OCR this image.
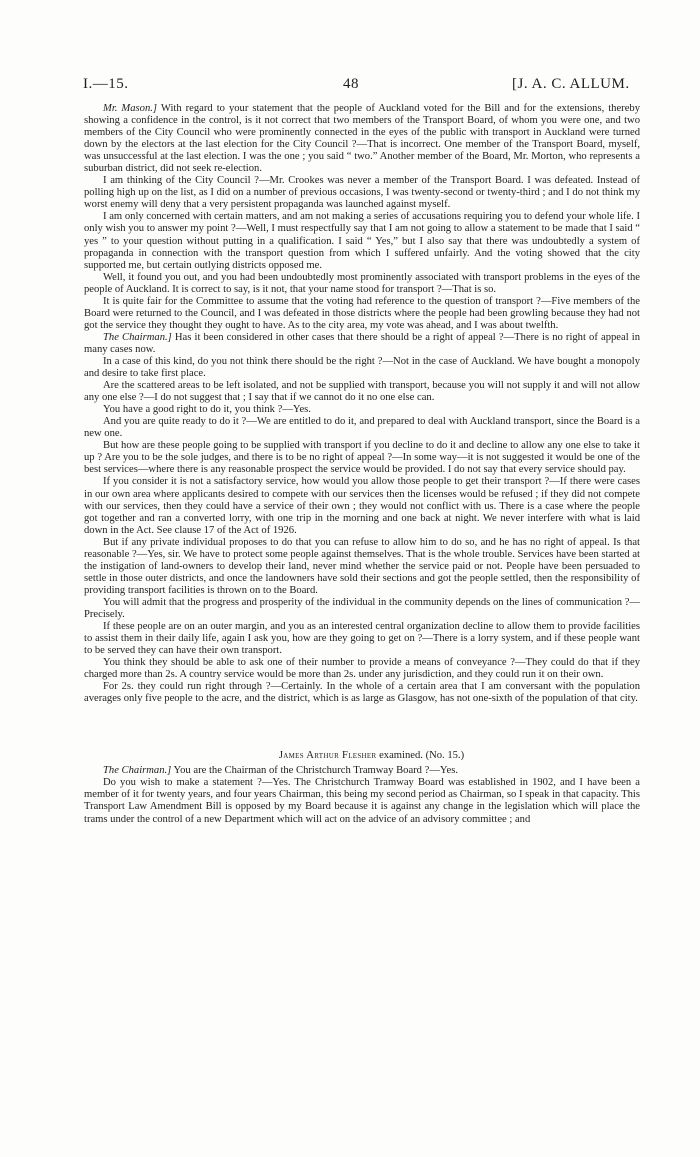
I.—15.	48	[J. A. C. ALLUM.

Mr. Mason.] With regard to your statement that the people of Auckland voted for the Bill and for the extensions, thereby showing a confidence in the control, is it not correct that two members of the Transport Board, of whom you were one, and two members of the City Council who were prominently connected in the eyes of the public with transport in Auckland were turned down by the electors at the last election for the City Council ?—That is incorrect. One member of the Transport Board, myself, was unsuccessful at the last election. I was the one ; you said “ two.” Another member of the Board, Mr. Morton, who represents a suburban district, did not seek re-election.

I am thinking of the City Council ?—Mr. Crookes was never a member of the Transport Board. I was defeated. Instead of polling high up on the list, as I did on a number of previous occasions, I was twenty-second or twenty-third ; and I do not think my worst enemy will deny that a very persistent propaganda was launched against myself.

I am only concerned with certain matters, and am not making a series of accusations requiring you to defend your whole life. I only wish you to answer my point ?—Well, I must respectfully say that I am not going to allow a statement to be made that I said “ yes ” to your question without putting in a qualification. I said “ Yes,” but I also say that there was undoubtedly a system of propaganda in connection with the transport question from which I suffered unfairly. And the voting showed that the city supported me, but certain outlying districts opposed me.

Well, it found you out, and you had been undoubtedly most prominently associated with transport problems in the eyes of the people of Auckland. It is correct to say, is it not, that your name stood for transport ?—That is so.

It is quite fair for the Committee to assume that the voting had reference to the question of transport ?—Five members of the Board were returned to the Council, and I was defeated in those districts where the people had been growling because they had not got the service they thought they ought to have. As to the city area, my vote was ahead, and I was about twelfth.

The Chairman.] Has it been considered in other cases that there should be a right of appeal ?—There is no right of appeal in many cases now.

In a case of this kind, do you not think there should be the right ?—Not in the case of Auckland. We have bought a monopoly and desire to take first place.

Are the scattered areas to be left isolated, and not be supplied with transport, because you will not supply it and will not allow any one else ?—I do not suggest that ; I say that if we cannot do it no one else can.

You have a good right to do it, you think ?—Yes.

And you are quite ready to do it ?—We are entitled to do it, and prepared to deal with Auckland transport, since the Board is a new one.

But how are these people going to be supplied with transport if you decline to do it and decline to allow any one else to take it up ? Are you to be the sole judges, and there is to be no right of appeal ?—In some way—it is not suggested it would be one of the best services—where there is any reasonable prospect the service would be provided. I do not say that every service should pay.

If you consider it is not a satisfactory service, how would you allow those people to get their transport ?—If there were cases in our own area where applicants desired to compete with our services then the licenses would be refused ; if they did not compete with our services, then they could have a service of their own ; they would not conflict with us. There is a case where the people got together and ran a converted lorry, with one trip in the morning and one back at night. We never interfere with what is laid down in the Act. See clause 17 of the Act of 1926.

But if any private individual proposes to do that you can refuse to allow him to do so, and he has no right of appeal. Is that reasonable ?—Yes, sir. We have to protect some people against themselves. That is the whole trouble. Services have been started at the instigation of land-owners to develop their land, never mind whether the service paid or not. People have been persuaded to settle in those outer districts, and once the landowners have sold their sections and got the people settled, then the responsibility of providing transport facilities is thrown on to the Board.

You will admit that the progress and prosperity of the individual in the community depends on the lines of communication ?—Precisely.

If these people are on an outer margin, and you as an interested central organization decline to allow them to provide facilities to assist them in their daily life, again I ask you, how are they going to get on ?—There is a lorry system, and if these people want to be served they can have their own transport.

You think they should be able to ask one of their number to provide a means of conveyance ?—They could do that if they charged more than 2s. A country service would be more than 2s. under any jurisdiction, and they could run it on their own.

For 2s. they could run right through ?—Certainly. In the whole of a certain area that I am conversant with the population averages only five people to the acre, and the district, which is as large as Glasgow, has not one-sixth of the population of that city.

James Arthur Flesher examined. (No. 15.)

The Chairman.] You are the Chairman of the Christchurch Tramway Board ?—Yes.

Do you wish to make a statement ?—Yes. The Christchurch Tramway Board was established in 1902, and I have been a member of it for twenty years, and four years Chairman, this being my second period as Chairman, so I speak in that capacity. This Transport Law Amendment Bill is opposed by my Board because it is against any change in the legislation which will place the trams under the control of a new Department which will act on the advice of an advisory committee ; and
